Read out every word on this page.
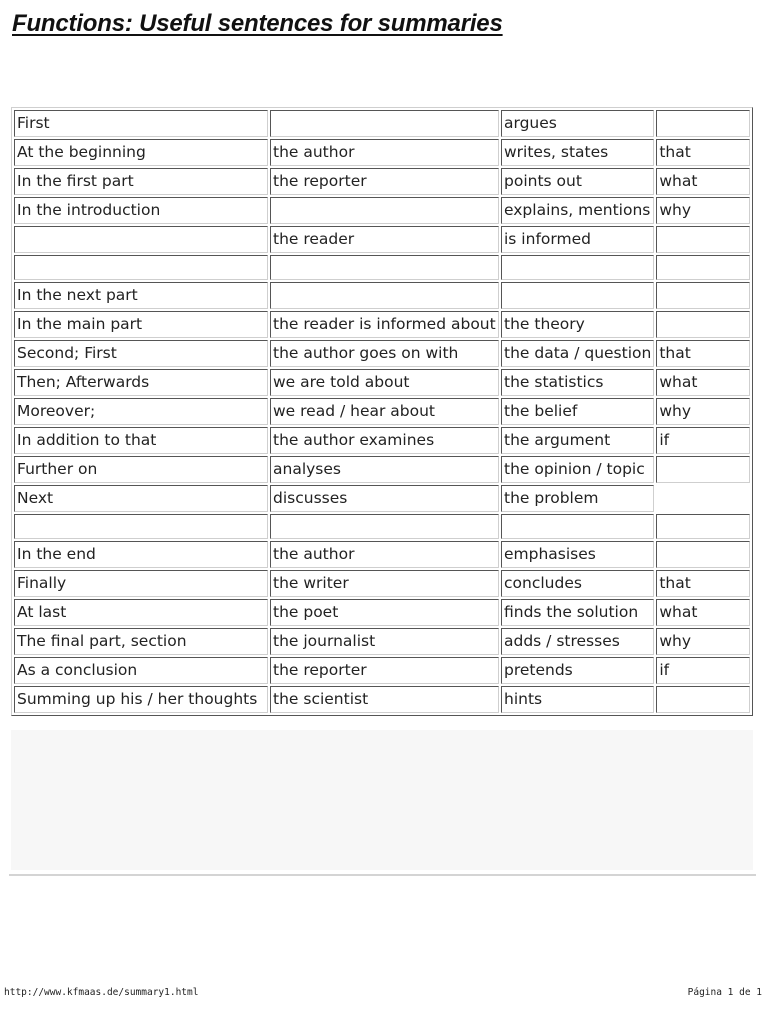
Functions: Useful sentences for summaries
First		argues	
At the beginning	the author	writes, states	that
In the first part	the reporter	points out	what
In the introduction		explains, mentions	why
	the reader	is informed	

In the next part			
In the main part	the reader is informed about	the theory	
Second; First	the author goes on with	the data / question	that
Then; Afterwards	we are told about	the statistics	what
Moreover;	we read / hear about	the belief	why
In addition to that	the author examines	the argument	if
Further on	analyses	the opinion / topic	
Next	discusses	the problem	

In the end	the author	emphasises	
Finally	the writer	concludes	that
At last	the poet	finds the solution	what
The final part, section	the journalist	adds / stresses	why
As a conclusion	the reporter	pretends	if
Summing up his / her thoughts	the scientist	hints	
http://www.kfmaas.de/summary1.html	Página 1 de 1
